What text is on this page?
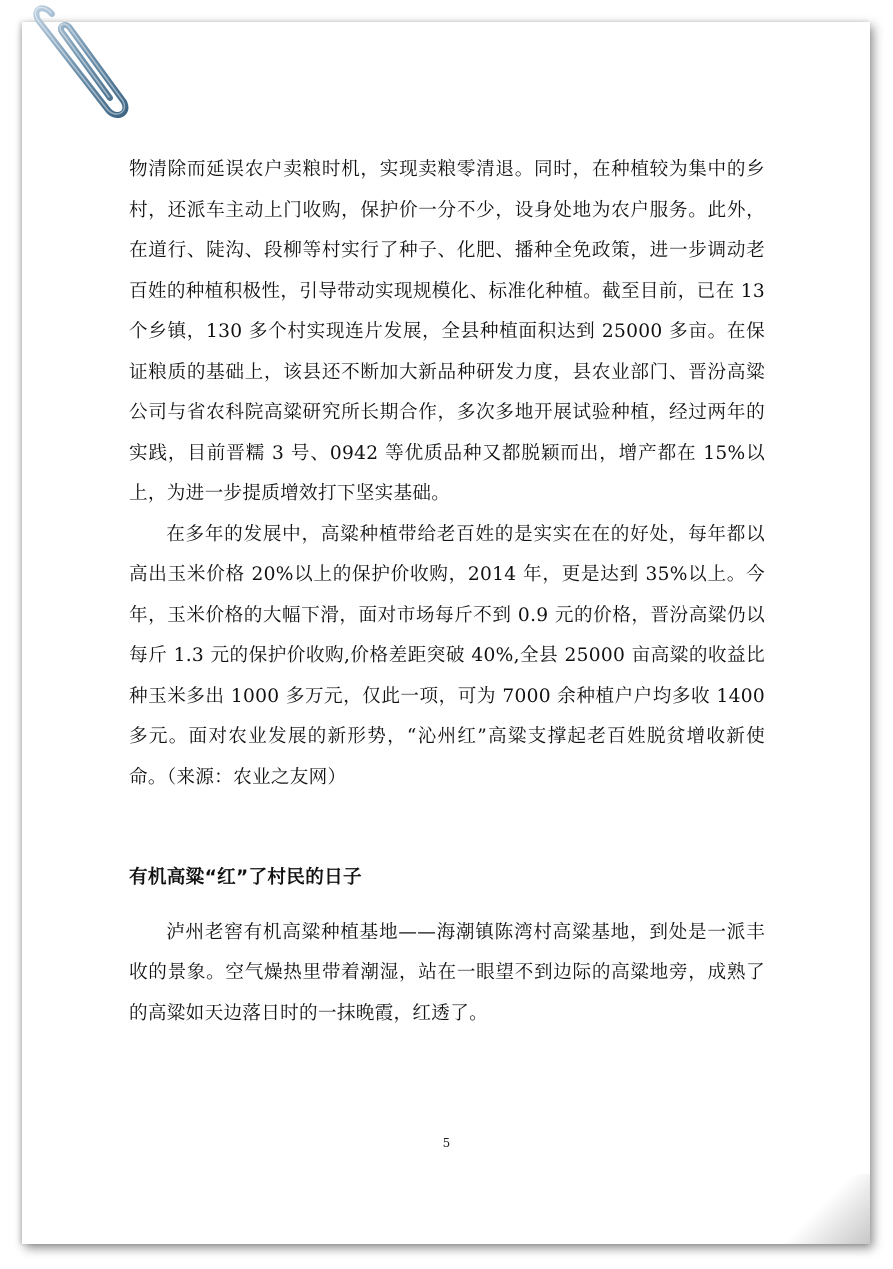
物清除而延误农户卖粮时机，实现卖粮零清退。同时，在种植较为集中的乡村，还派车主动上门收购，保护价一分不少，设身处地为农户服务。此外，在道行、陡沟、段柳等村实行了种子、化肥、播种全免政策，进一步调动老百姓的种植积极性，引导带动实现规模化、标准化种植。截至目前，已在 13 个乡镇，130 多个村实现连片发展，全县种植面积达到 25000 多亩。在保证粮质的基础上，该县还不断加大新品种研发力度，县农业部门、晋汾高粱公司与省农科院高粱研究所长期合作，多次多地开展试验种植，经过两年的实践，目前晋糯 3 号、0942 等优质品种又都脱颖而出，增产都在 15%以上，为进一步提质增效打下坚实基础。

在多年的发展中，高粱种植带给老百姓的是实实在在的好处，每年都以高出玉米价格 20%以上的保护价收购，2014 年，更是达到 35%以上。今年，玉米价格的大幅下滑，面对市场每斤不到 0.9 元的价格，晋汾高粱仍以每斤 1.3 元的保护价收购,价格差距突破 40%,全县 25000 亩高粱的收益比种玉米多出 1000 多万元，仅此一项，可为 7000 余种植户户均多收 1400 多元。面对农业发展的新形势，“沁州红”高粱支撑起老百姓脱贫增收新使命。（来源：农业之友网）

有机高粱“红”了村民的日子

泸州老窖有机高粱种植基地——海潮镇陈湾村高粱基地，到处是一派丰收的景象。空气燥热里带着潮湿，站在一眼望不到边际的高粱地旁，成熟了的高粱如天边落日时的一抹晚霞，红透了。

5
